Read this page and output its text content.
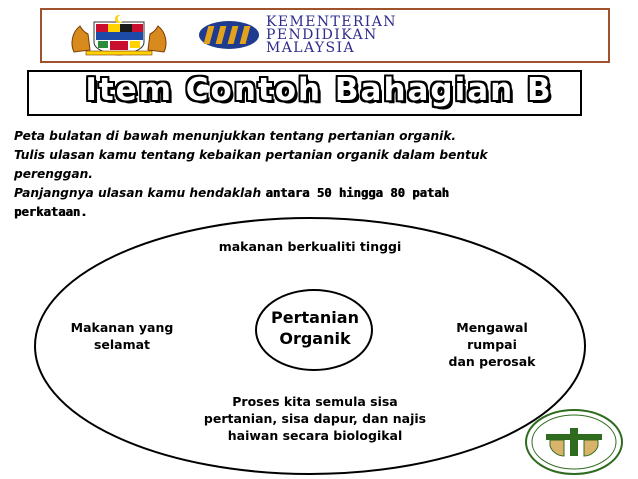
KEMENTERIAN
PENDIDIKAN
MALAYSIA
Item Contoh Bahagian B
Peta bulatan di bawah menunjukkan tentang pertanian organik.
Tulis ulasan kamu tentang kebaikan pertanian organik dalam bentuk
perenggan.
Panjangnya ulasan kamu hendaklah antara 50 hingga 80 patah
perkataan.
Pertanian
Organik
makanan berkualiti tinggi
Makanan yang
selamat
Mengawal
rumpai
dan perosak
Proses kita semula sisa
pertanian, sisa dapur, dan najis
haiwan secara biologikal
